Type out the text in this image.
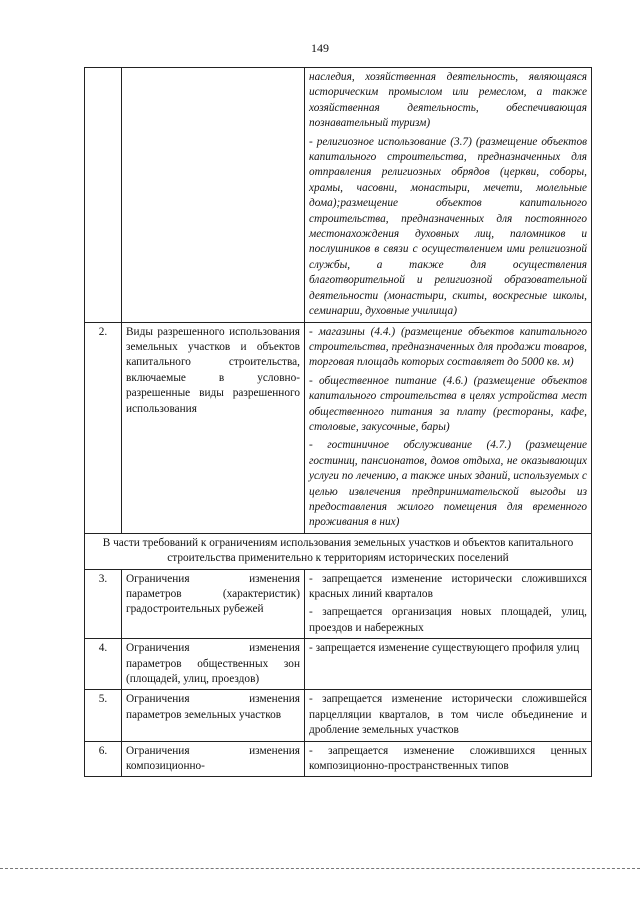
149

		наследия, хозяйственная деятельность, являющаяся историческим промыслом или ремеслом, а также хозяйственная деятельность, обеспечивающая познавательный туризм)

- религиозное использование (3.7) (размещение объектов капитального строительства, предназначенных для отправления религиозных обрядов (церкви, соборы, храмы, часовни, монастыри, мечети, молельные дома);размещение объектов капитального строительства, предназначенных для постоянного местонахождения духовных лиц, паломников и послушников в связи с осуществлением ими религиозной службы, а также для осуществления благотворительной и религиозной образовательной деятельности (монастыри, скиты, воскресные школы, семинарии, духовные училища)

2.	Виды разрешенного использования земельных участков и объектов капитального строительства, включаемые в условно-разрешенные виды разрешенного использования	- магазины (4.4.) (размещение объектов капитального строительства, предназначенных для продажи товаров, торговая площадь которых составляет до 5000 кв. м)

- общественное питание (4.6.) (размещение объектов капитального строительства в целях устройства мест общественного питания за плату (рестораны, кафе, столовые, закусочные, бары)

- гостиничное обслуживание (4.7.) (размещение гостиниц, пансионатов, домов отдыха, не оказывающих услуги по лечению, а также иных зданий, используемых с целью извлечения предпринимательской выгоды из предоставления жилого помещения для временного проживания в них)

В части требований к ограничениям использования земельных участков и объектов капитального строительства применительно к территориям исторических поселений		
3.	Ограничения изменения параметров (характеристик) градостроительных рубежей	- запрещается изменение исторически сложившихся красных линий кварталов

- запрещается организация новых площадей, улиц, проездов и набережных

4.	Ограничения изменения параметров общественных зон (площадей, улиц, проездов)	- запрещается изменение существующего профиля улиц

5.	Ограничения изменения параметров земельных участков	- запрещается изменение исторически сложившейся парцелляции кварталов, в том числе объединение и дробление земельных участков

6.	Ограничения изменения композиционно-	- запрещается изменение сложившихся ценных композиционно-пространственных типов
